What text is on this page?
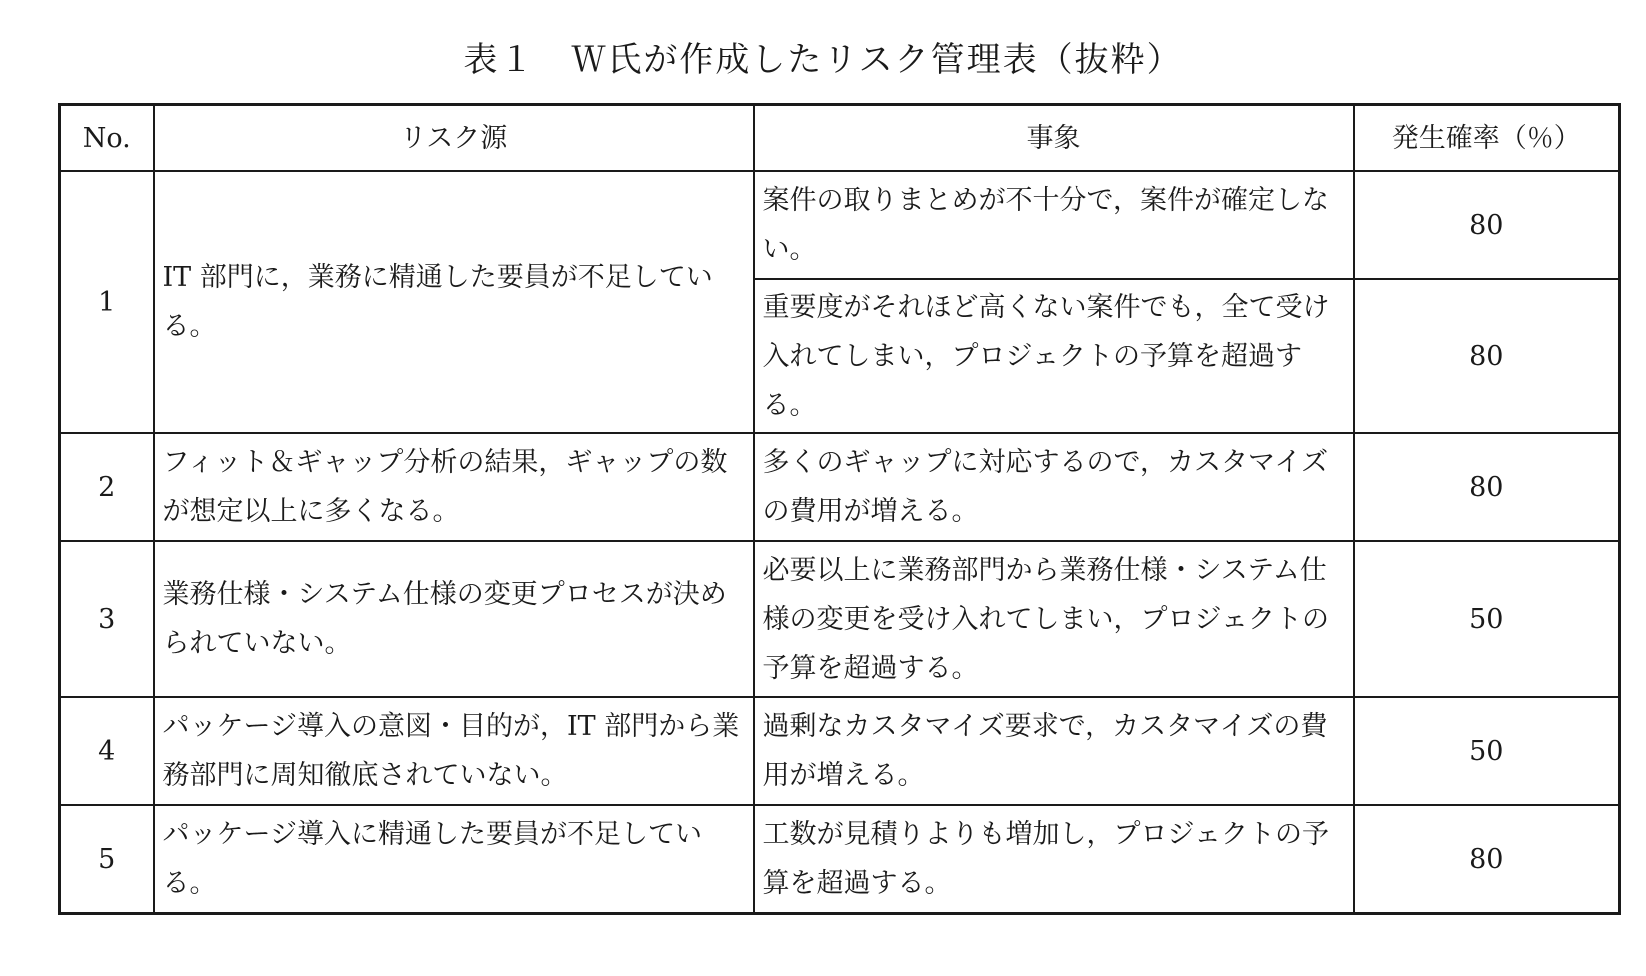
表１　Ｗ氏が作成したリスク管理表（抜粋）
No.	リスク源	事象	発生確率（％）
1	IT 部門に，業務に精通した要員が不足している。	案件の取りまとめが不十分で，案件が確定しない。	80
		重要度がそれほど高くない案件でも，全て受け入れてしまい，プロジェクトの予算を超過する。	80
2	フィット＆ギャップ分析の結果，ギャップの数が想定以上に多くなる。	多くのギャップに対応するので，カスタマイズの費用が増える。	80
3	業務仕様・システム仕様の変更プロセスが決められていない。	必要以上に業務部門から業務仕様・システム仕様の変更を受け入れてしまい，プロジェクトの予算を超過する。	50
4	パッケージ導入の意図・目的が，IT 部門から業務部門に周知徹底されていない。	過剰なカスタマイズ要求で，カスタマイズの費用が増える。	50
5	パッケージ導入に精通した要員が不足している。	工数が見積りよりも増加し，プロジェクトの予算を超過する。	80
